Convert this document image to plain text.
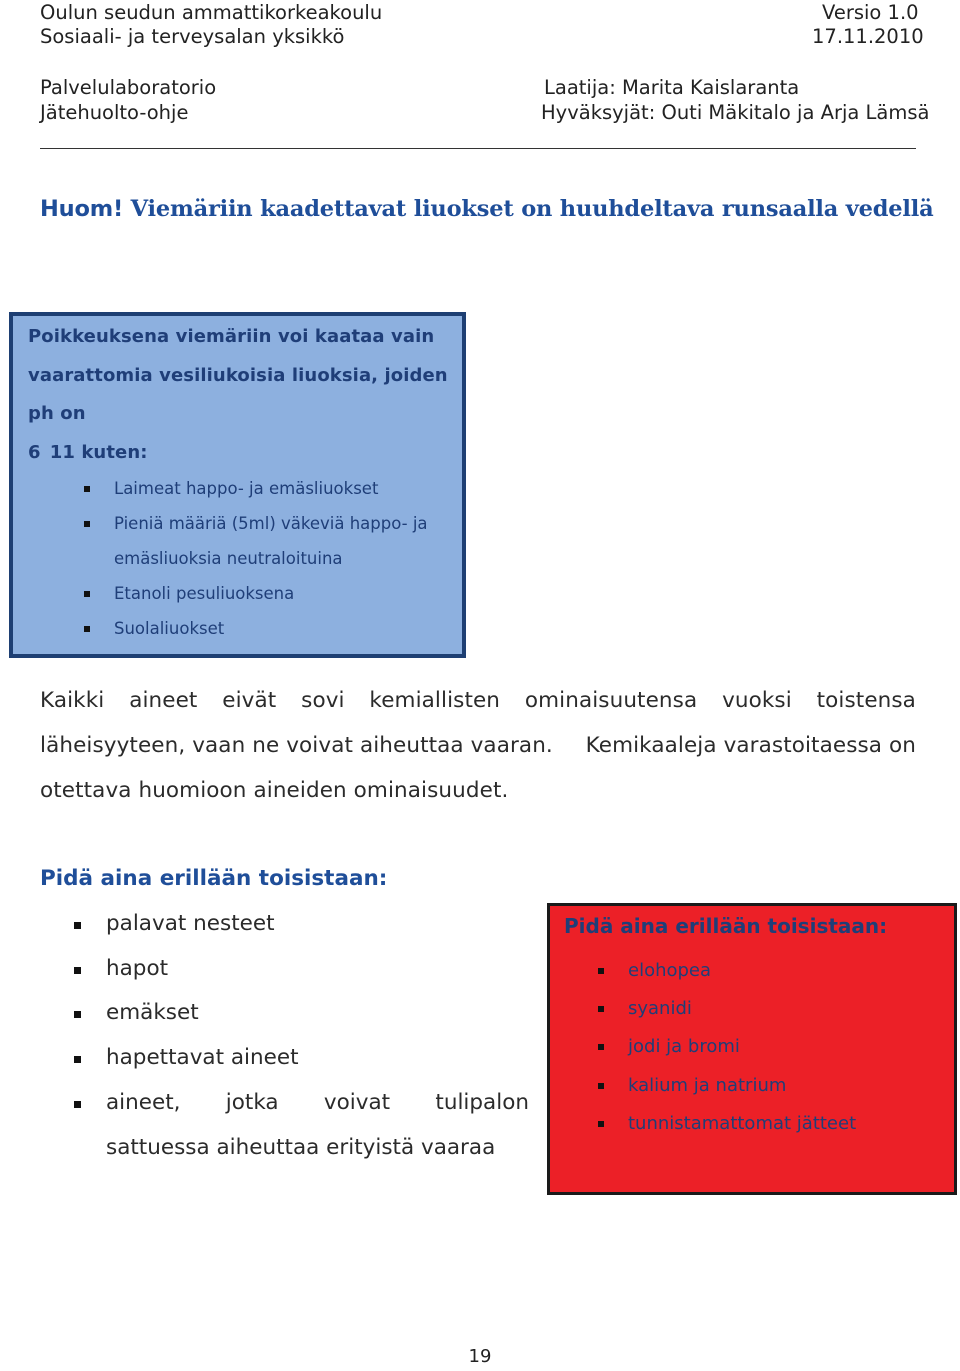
Oulun seudun ammattikorkeakoulu
Sosiaali- ja terveysalan yksikkö
Versio 1.0
17.11.2010
Palvelulaboratorio
Jätehuolto-ohje
Laatija: Marita Kaislaranta
Hyväksyjät: Outi Mäkitalo ja Arja Lämsä
Huom! Viemäriin kaadettavat liuokset on huuhdeltava runsaalla vedellä
Poikkeuksena viemäriin voi kaataa vain
vaarattomia vesiliukoisia liuoksia, joiden
ph on
6 11 kuten:
Laimeat happo- ja emäsliuokset
Pieniä määriä (5ml) väkeviä happo- ja
emäsliuoksia neutraloituina
Etanoli pesuliuoksena
Suolaliuokset
Kaikki aineet eivät sovi kemiallisten ominaisuutensa vuoksi toistensa
läheisyyteen, vaan ne voivat aiheuttaa vaaran. Kemikaaleja varastoitaessa on
otettava huomioon aineiden ominaisuudet.
Pidä aina erillään toisistaan:
palavat nesteet
hapot
emäkset
hapettavat aineet
aineet, jotka voivat tulipalon
sattuessa aiheuttaa erityistä vaaraa
Pidä aina erillään toisistaan:
elohopea
syanidi
jodi ja bromi
kalium ja natrium
tunnistamattomat jätteet
19
